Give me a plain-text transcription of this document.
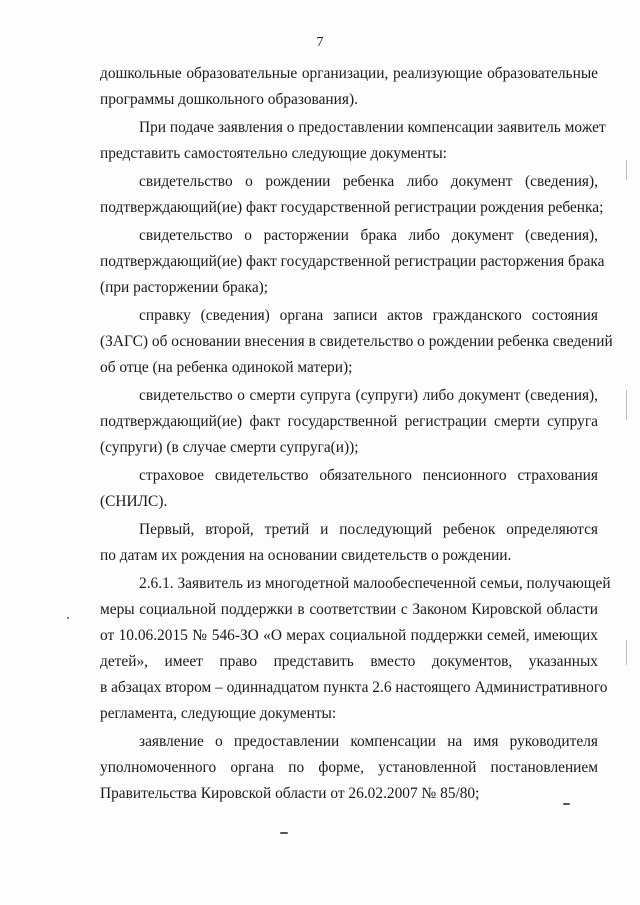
7
дошкольные образовательные организации, реализующие образовательные
программы дошкольного образования).
При подаче заявления о предоставлении компенсации заявитель может
представить самостоятельно следующие документы:
свидетельство о рождении ребенка либо документ (сведения),
подтверждающий(ие) факт государственной регистрации рождения ребенка;
свидетельство о расторжении брака либо документ (сведения),
подтверждающий(ие) факт государственной регистрации расторжения брака
(при расторжении брака);
справку (сведения) органа записи актов гражданского состояния
(ЗАГС) об основании внесения в свидетельство о рождении ребенка сведений
об отце (на ребенка одинокой матери);
свидетельство о смерти супруга (супруги) либо документ (сведения),
подтверждающий(ие) факт государственной регистрации смерти супруга
(супруги) (в случае смерти супруга(и));
страховое свидетельство обязательного пенсионного страхования
(СНИЛС).
Первый, второй, третий и последующий ребенок определяются
по датам их рождения на основании свидетельств о рождении.
2.6.1. Заявитель из многодетной малообеспеченной семьи, получающей
меры социальной поддержки в соответствии с Законом Кировской области
от 10.06.2015 № 546-ЗО «О мерах социальной поддержки семей, имеющих
детей», имеет право представить вместо документов, указанных
в абзацах втором – одиннадцатом пункта 2.6 настоящего Административного
регламента, следующие документы:
заявление о предоставлении компенсации на имя руководителя
уполномоченного органа по форме, установленной постановлением
Правительства Кировской области от 26.02.2007 № 85/80;
